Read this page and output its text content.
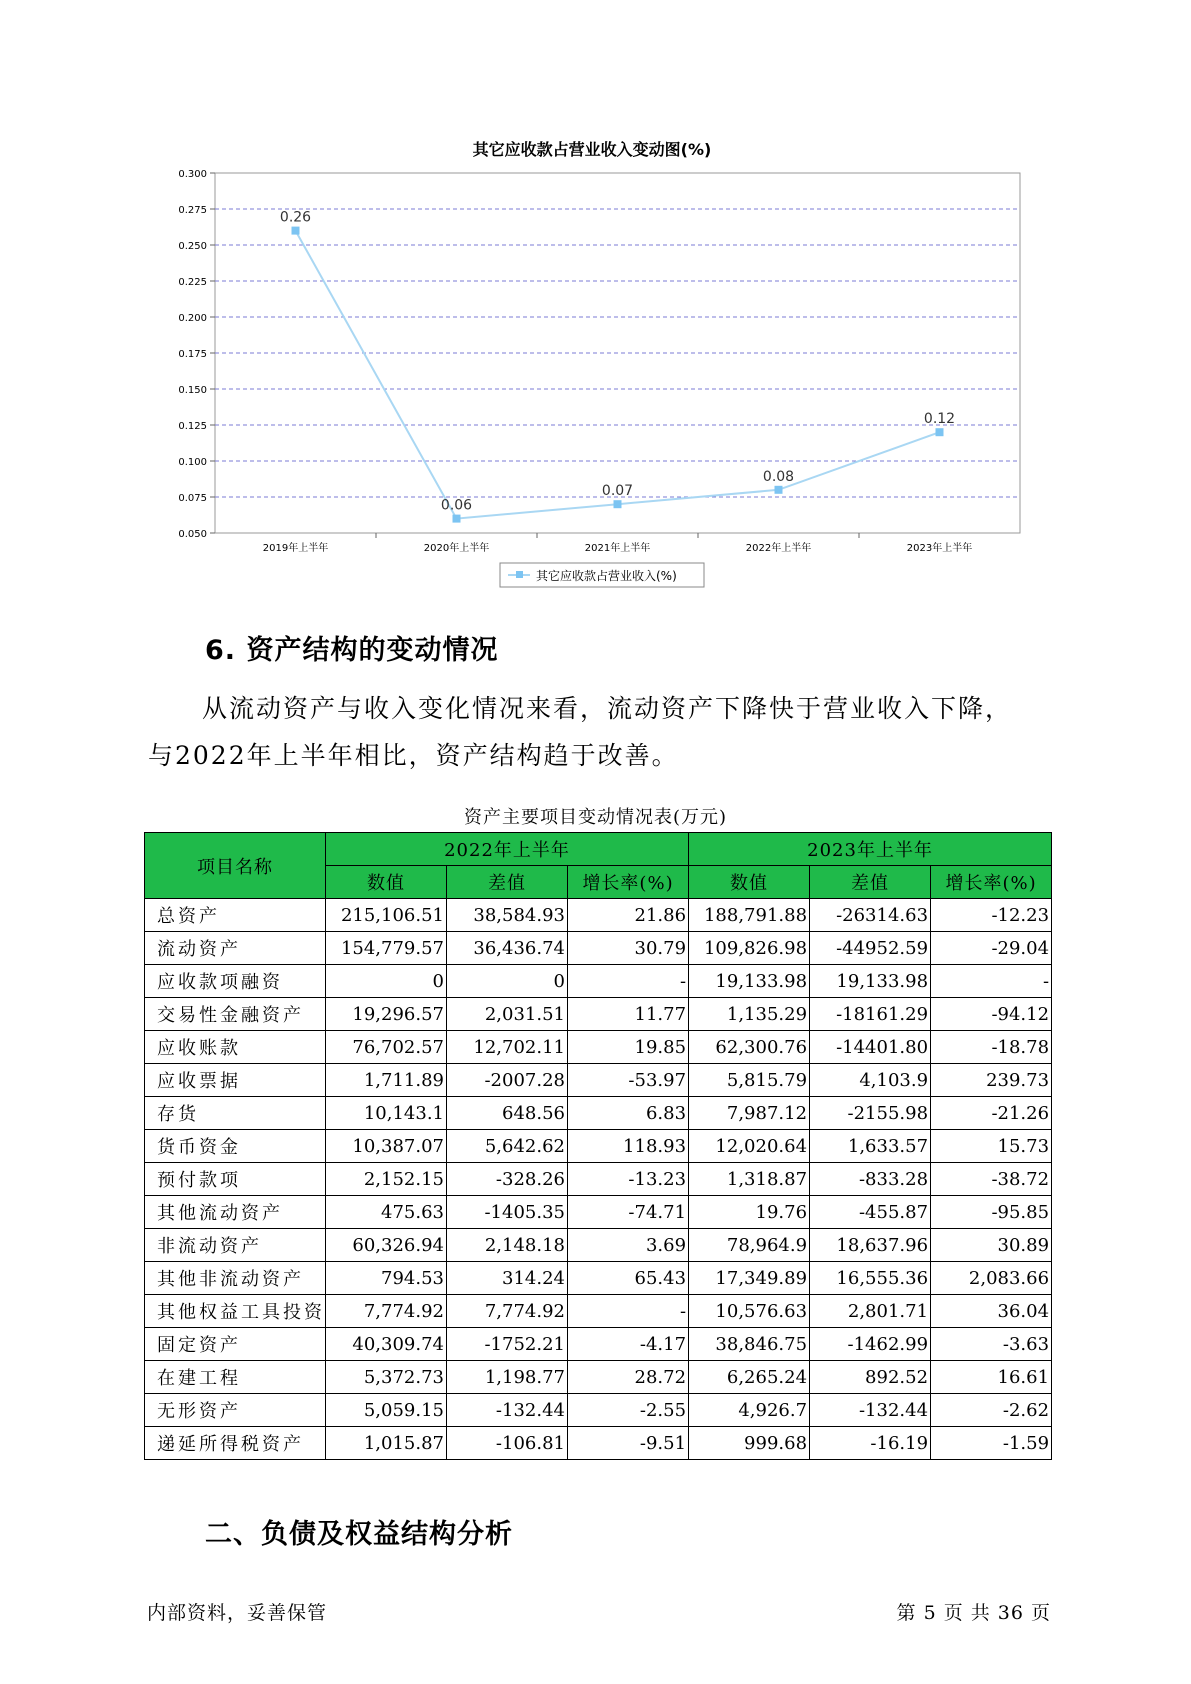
其它应收款占营业收入变动图(%)
0.300
0.275
0.250
0.225
0.200
0.175
0.150
0.125
0.100
0.075
0.050
2019年上半年	2020年上半年	2021年上半年	2022年上半年	2023年上半年
0.26
0.06
0.07
0.08
0.12
其它应收款占营业收入(%)
6. 资产结构的变动情况

从流动资产与收入变化情况来看，流动资产下降快于营业收入下降，
与2022年上半年相比，资产结构趋于改善。

资产主要项目变动情况表(万元)
项目名称	2022年上半年			2023年上半年		
	数值	差值	增长率(%)	数值	差值	增长率(%)
总资产	215,106.51	38,584.93	21.86	188,791.88	-26314.63	-12.23
流动资产	154,779.57	36,436.74	30.79	109,826.98	-44952.59	-29.04
应收款项融资	0	0	-	19,133.98	19,133.98	-
交易性金融资产	19,296.57	2,031.51	11.77	1,135.29	-18161.29	-94.12
应收账款	76,702.57	12,702.11	19.85	62,300.76	-14401.80	-18.78
应收票据	1,711.89	-2007.28	-53.97	5,815.79	4,103.9	239.73
存货	10,143.1	648.56	6.83	7,987.12	-2155.98	-21.26
货币资金	10,387.07	5,642.62	118.93	12,020.64	1,633.57	15.73
预付款项	2,152.15	-328.26	-13.23	1,318.87	-833.28	-38.72
其他流动资产	475.63	-1405.35	-74.71	19.76	-455.87	-95.85
非流动资产	60,326.94	2,148.18	3.69	78,964.9	18,637.96	30.89
其他非流动资产	794.53	314.24	65.43	17,349.89	16,555.36	2,083.66
其他权益工具投资	7,774.92	7,774.92	-	10,576.63	2,801.71	36.04
固定资产	40,309.74	-1752.21	-4.17	38,846.75	-1462.99	-3.63
在建工程	5,372.73	1,198.77	28.72	6,265.24	892.52	16.61
无形资产	5,059.15	-132.44	-2.55	4,926.7	-132.44	-2.62
递延所得税资产	1,015.87	-106.81	-9.51	999.68	-16.19	-1.59
二、负债及权益结构分析
内部资料，妥善保管	第 5 页 共 36 页
